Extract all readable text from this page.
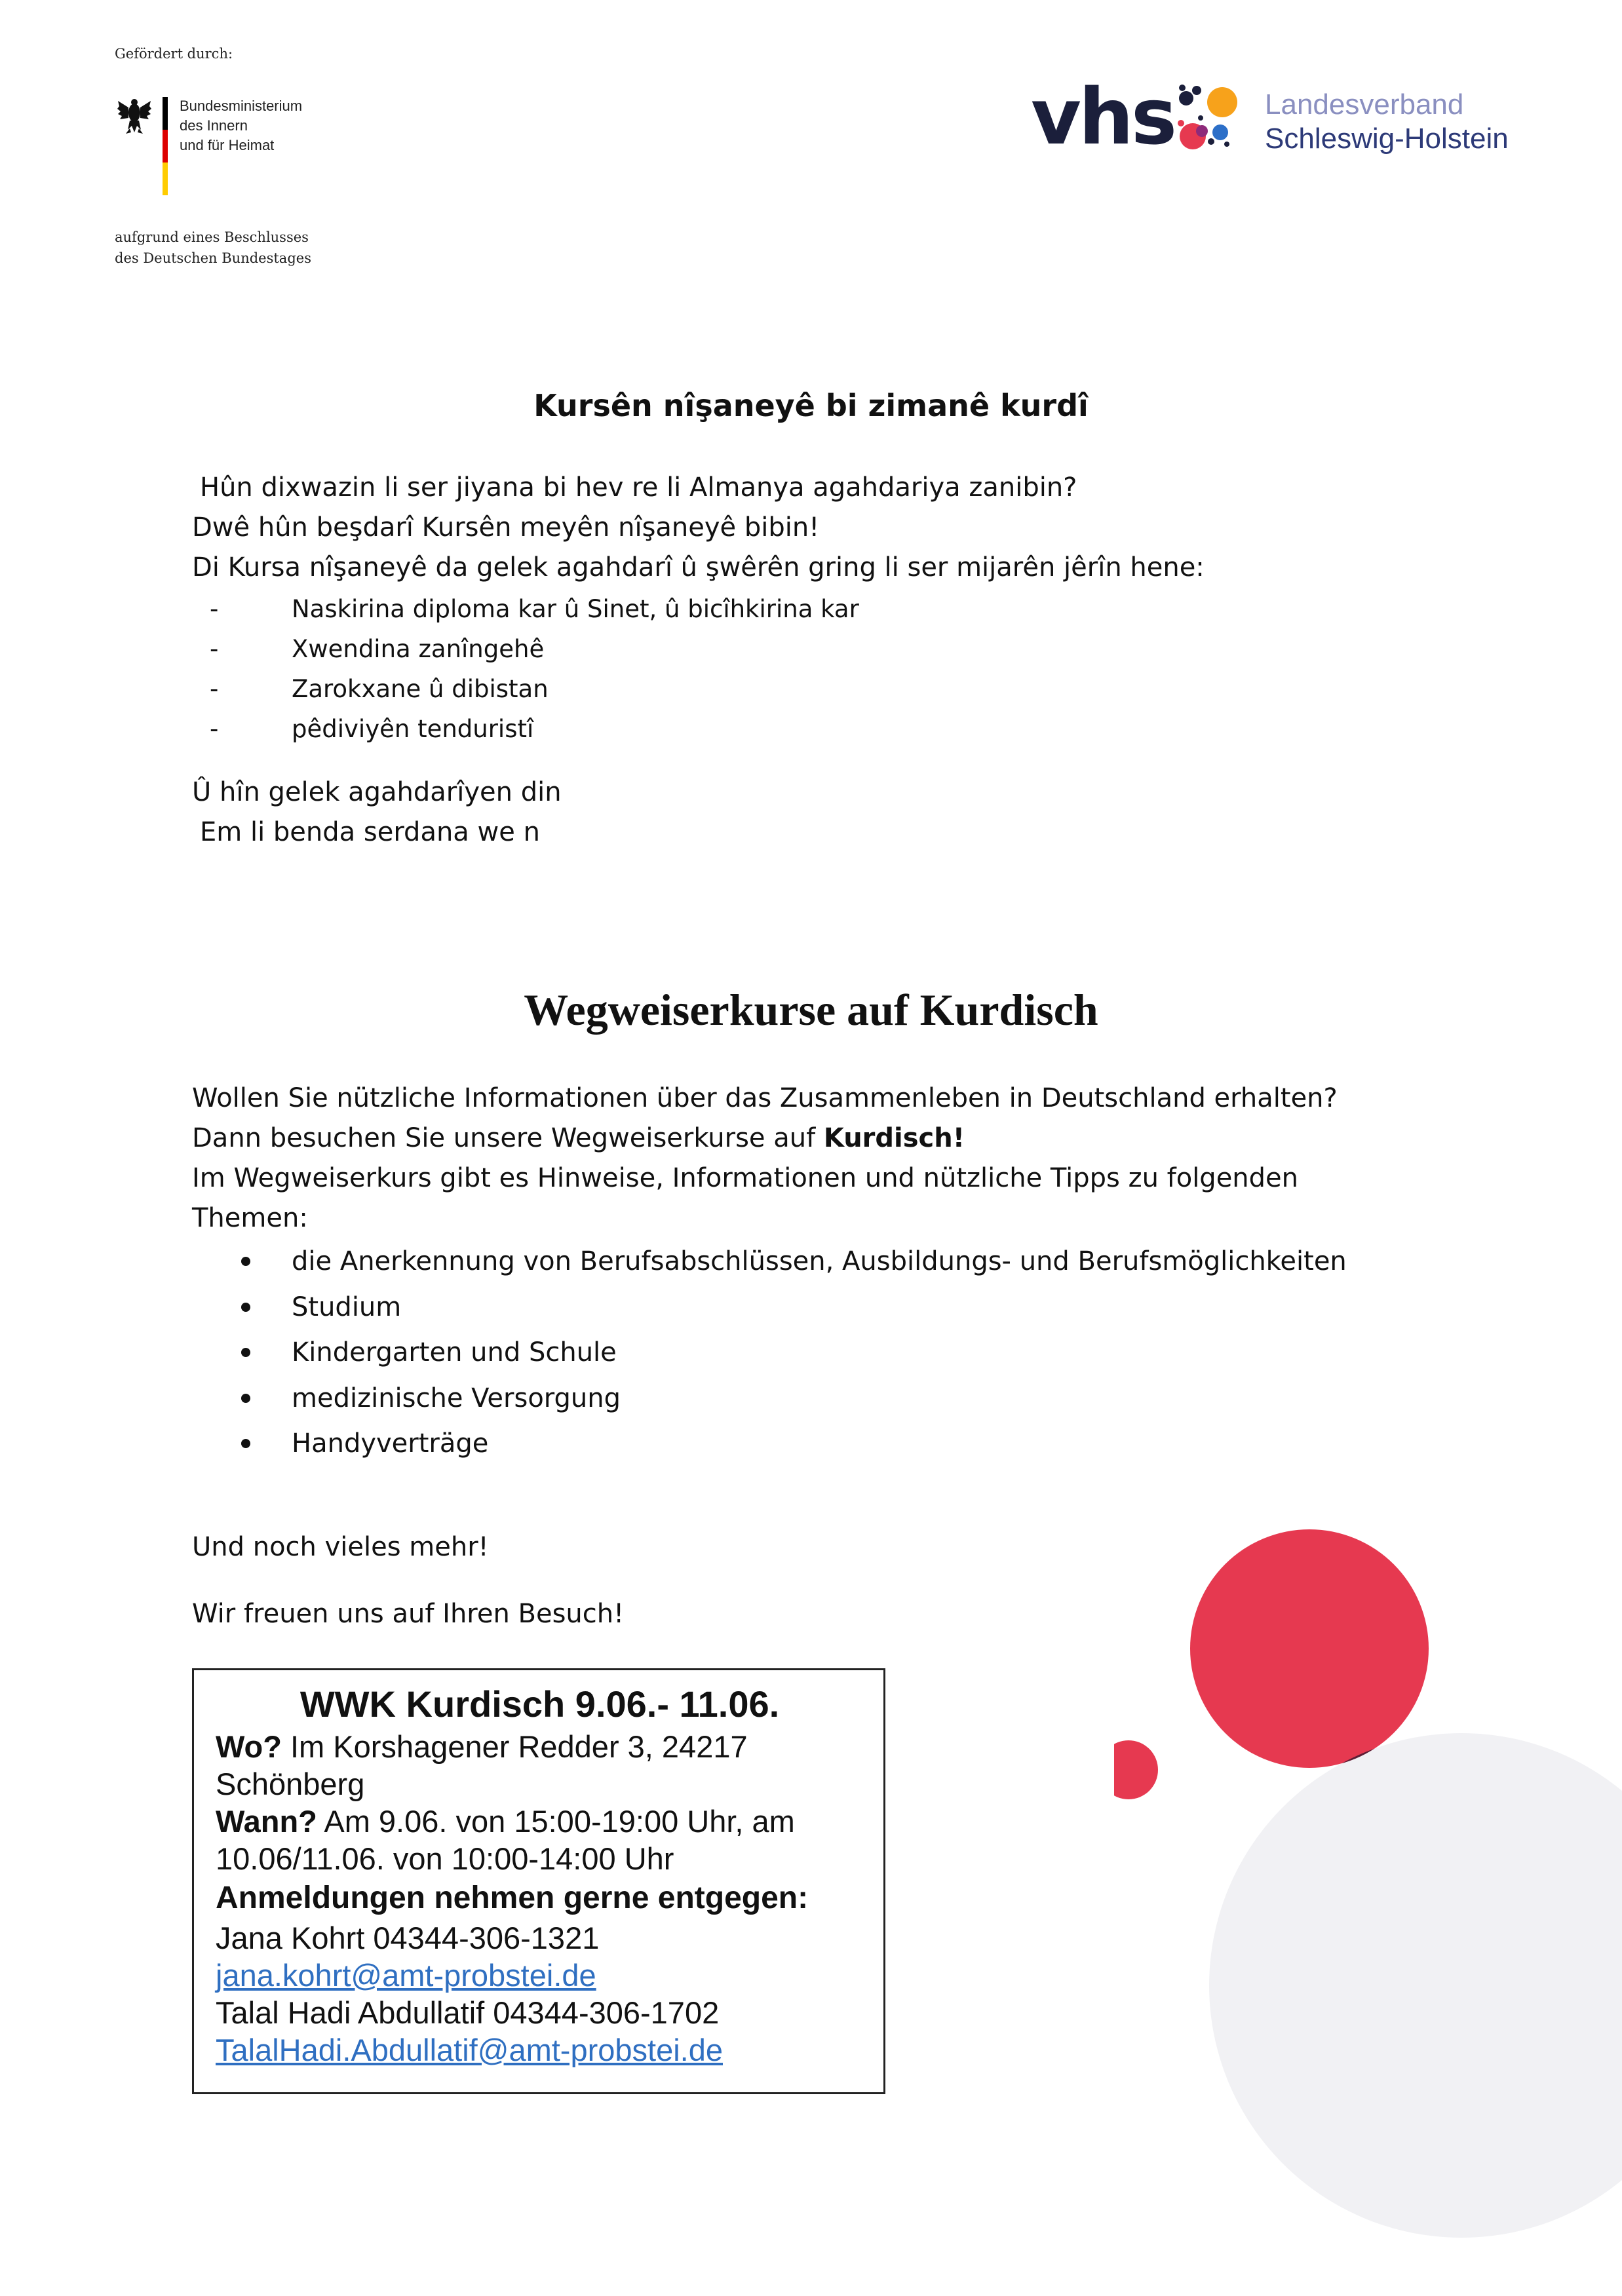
Gefördert durch:
Bundesministerium
des Innern
und für Heimat
aufgrund eines Beschlusses
des Deutschen Bundestages
vhs	Landesverband
Schleswig-Holstein
Kursên nîşaneyê bi zimanê kurdî
Hûn dixwazin li ser jiyana bi hev re li Almanya agahdariya zanibin?
Dwê hûn beşdarî Kursên meyên nîşaneyê bibin!
Di Kursa nîşaneyê da gelek agahdarî û şwêrên gring li ser mijarên jêrîn hene:
-	Naskirina diploma kar û Sinet, û bicîhkirina kar
-	Xwendina zanîngehê
-	Zarokxane û dibistan
-	pêdiviyên tenduristî
Û hîn gelek agahdarîyen din
Em li benda serdana we n
Wegweiserkurse auf Kurdisch
Wollen Sie nützliche Informationen über das Zusammenleben in Deutschland erhalten?
Dann besuchen Sie unsere Wegweiserkurse auf Kurdisch!
Im Wegweiserkurs gibt es Hinweise, Informationen und nützliche Tipps zu folgenden
Themen:
die Anerkennung von Berufsabschlüssen, Ausbildungs- und Berufsmöglichkeiten
Studium
Kindergarten und Schule
medizinische Versorgung
Handyverträge
Und noch vieles mehr!
Wir freuen uns auf Ihren Besuch!
WWK Kurdisch 9.06.- 11.06.
Wo? Im Korshagener Redder 3, 24217
Schönberg
Wann? Am 9.06. von 15:00-19:00 Uhr, am
10.06/11.06. von 10:00-14:00 Uhr
Anmeldungen nehmen gerne entgegen:
Jana Kohrt 04344-306-1321
jana.kohrt@amt-probstei.de
Talal Hadi Abdullatif 04344-306-1702
TalalHadi.Abdullatif@amt-probstei.de
